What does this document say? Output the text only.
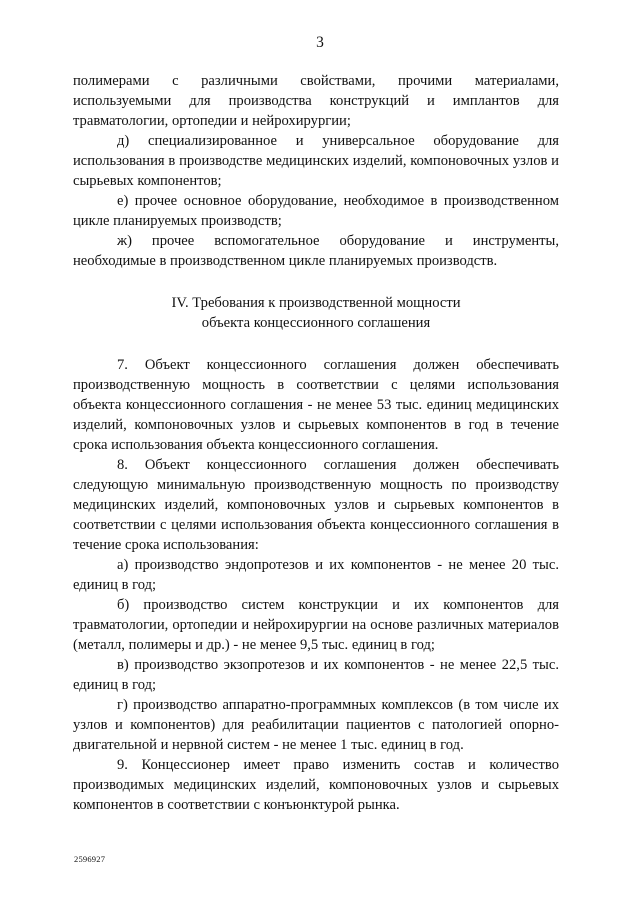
3

полимерами с различными свойствами, прочими материалами, используемыми для производства конструкций и имплантов для травматологии, ортопедии и нейрохирургии;

д) специализированное и универсальное оборудование для использования в производстве медицинских изделий, компоновочных узлов и сырьевых компонентов;

е) прочее основное оборудование, необходимое в производственном цикле планируемых производств;

ж) прочее вспомогательное оборудование и инструменты, необходимые в производственном цикле планируемых производств.

IV. Требования к производственной мощности
объекта концессионного соглашения

7. Объект концессионного соглашения должен обеспечивать производственную мощность в соответствии с целями использования объекта концессионного соглашения - не менее 53 тыс. единиц медицинских изделий, компоновочных узлов и сырьевых компонентов в год в течение срока использования объекта концессионного соглашения.

8. Объект концессионного соглашения должен обеспечивать следующую минимальную производственную мощность по производству медицинских изделий, компоновочных узлов и сырьевых компонентов в соответствии с целями использования объекта концессионного соглашения в течение срока использования:

а) производство эндопротезов и их компонентов - не менее 20 тыс. единиц в год;

б) производство систем конструкции и их компонентов для травматологии, ортопедии и нейрохирургии на основе различных материалов (металл, полимеры и др.) - не менее 9,5 тыс. единиц в год;

в) производство экзопротезов и их компонентов - не менее 22,5 тыс. единиц в год;

г) производство аппаратно-программных комплексов (в том числе их узлов и компонентов) для реабилитации пациентов с патологией опорно-двигательной и нервной систем - не менее 1 тыс. единиц в год.

9. Концессионер имеет право изменить состав и количество производимых медицинских изделий, компоновочных узлов и сырьевых компонентов в соответствии с конъюнктурой рынка.

2596927
